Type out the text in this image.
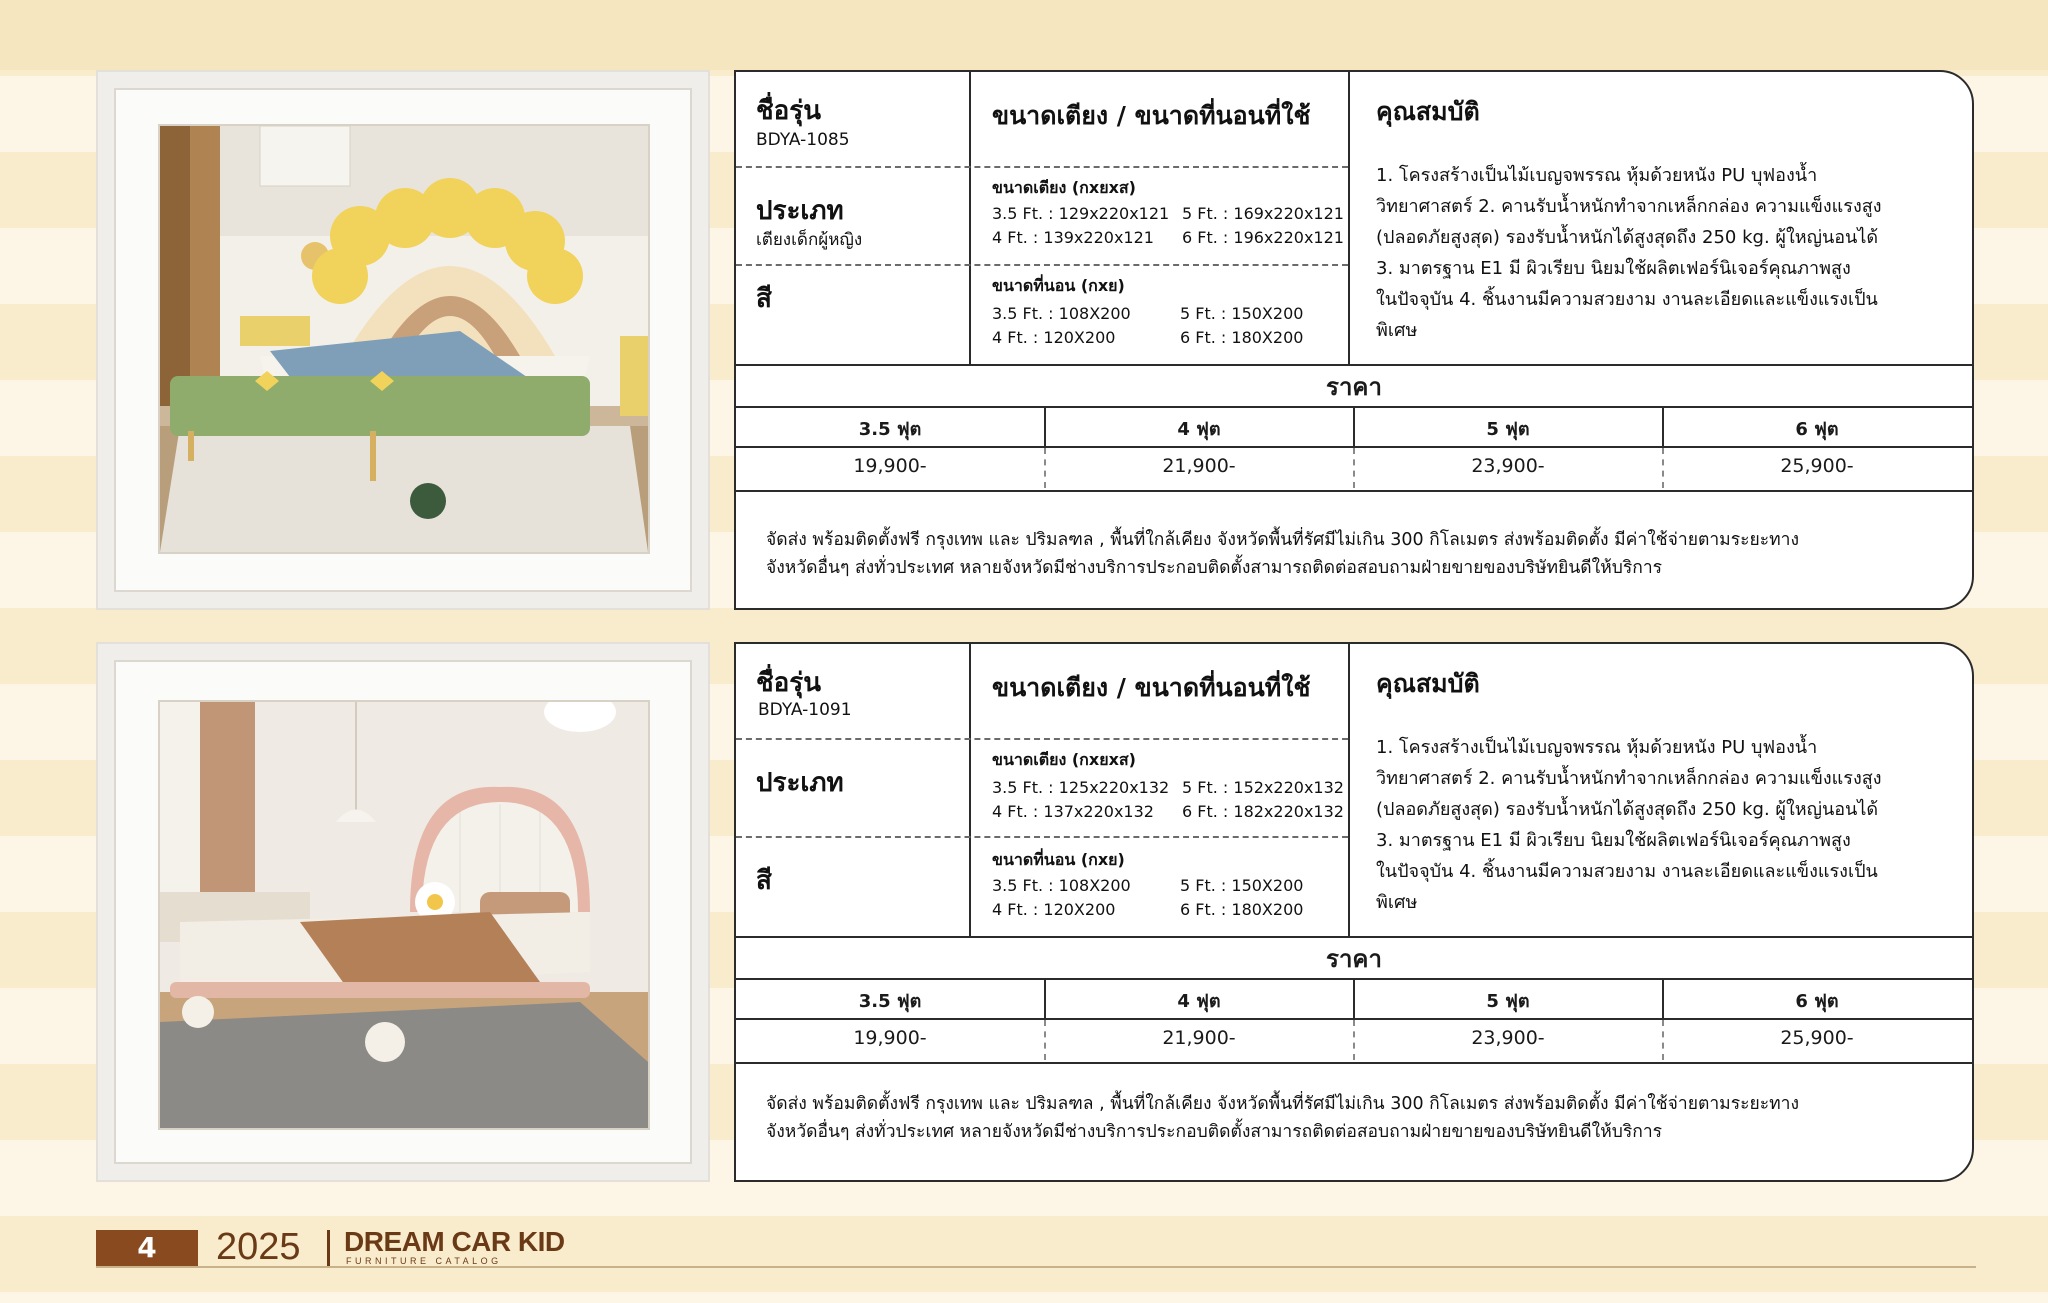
ชื่อรุ่น
BDYA-1085
ประเภท
เตียงเด็กผู้หญิง
สี
ขนาดเตียง / ขนาดที่นอนที่ใช้
ขนาดเตียง (กxยxส)
3.5 Ft. : 129x220x121 5 Ft. : 169x220x121
4 Ft. : 139x220x121 6 Ft. : 196x220x121
ขนาดที่นอน (กxย)
3.5 Ft. : 108X200	5 Ft. : 150X200
4 Ft. : 120X200	6 Ft. : 180X200
คุณสมบัติ
1. โครงสร้างเป็นไม้เบญจพรรณ หุ้มด้วยหนัง PU บุฟองน้ำ
วิทยาศาสตร์ 2. คานรับน้ำหนักทำจากเหล็กกล่อง ความแข็งแรงสูง
(ปลอดภัยสูงสุด) รองรับน้ำหนักได้สูงสุดถึง 250 kg. ผู้ใหญ่นอนได้
3. มาตรฐาน E1 มี ผิวเรียบ นิยมใช้ผลิตเฟอร์นิเจอร์คุณภาพสูง
ในปัจจุบัน 4. ชิ้นงานมีความสวยงาม งานละเอียดและแข็งแรงเป็นพิเศษ
ราคา
3.5 ฟุต	4 ฟุต	5 ฟุต	6 ฟุต
19,900-	21,900-	23,900-	25,900-
จัดส่ง พร้อมติดตั้งฟรี กรุงเทพ และ ปริมลฑล , พื้นที่ใกล้เคียง จังหวัดพื้นที่รัศมีไม่เกิน 300 กิโลเมตร ส่งพร้อมติดตั้ง มีค่าใช้จ่ายตามระยะทาง
จังหวัดอื่นๆ ส่งทั่วประเทศ หลายจังหวัดมีช่างบริการประกอบติดตั้งสามารถติดต่อสอบถามฝ่ายขายของบริษัทยินดีให้บริการ
ชื่อรุ่น
BDYA-1091
ประเภท
สี
ขนาดเตียง / ขนาดที่นอนที่ใช้
ขนาดเตียง (กxยxส)
3.5 Ft. : 125x220x132 5 Ft. : 152x220x132
4 Ft. : 137x220x132 6 Ft. : 182x220x132
ขนาดที่นอน (กxย)
3.5 Ft. : 108X200	5 Ft. : 150X200
4 Ft. : 120X200	6 Ft. : 180X200
คุณสมบัติ
1. โครงสร้างเป็นไม้เบญจพรรณ หุ้มด้วยหนัง PU บุฟองน้ำ
วิทยาศาสตร์ 2. คานรับน้ำหนักทำจากเหล็กกล่อง ความแข็งแรงสูง
(ปลอดภัยสูงสุด) รองรับน้ำหนักได้สูงสุดถึง 250 kg. ผู้ใหญ่นอนได้
3. มาตรฐาน E1 มี ผิวเรียบ นิยมใช้ผลิตเฟอร์นิเจอร์คุณภาพสูง
ในปัจจุบัน 4. ชิ้นงานมีความสวยงาม งานละเอียดและแข็งแรงเป็นพิเศษ
ราคา
3.5 ฟุต	4 ฟุต	5 ฟุต	6 ฟุต
19,900-	21,900-	23,900-	25,900-
จัดส่ง พร้อมติดตั้งฟรี กรุงเทพ และ ปริมลฑล , พื้นที่ใกล้เคียง จังหวัดพื้นที่รัศมีไม่เกิน 300 กิโลเมตร ส่งพร้อมติดตั้ง มีค่าใช้จ่ายตามระยะทาง
จังหวัดอื่นๆ ส่งทั่วประเทศ หลายจังหวัดมีช่างบริการประกอบติดตั้งสามารถติดต่อสอบถามฝ่ายขายของบริษัทยินดีให้บริการ
4	2025 DREAM CAR KID
FURNITURE CATALOG
